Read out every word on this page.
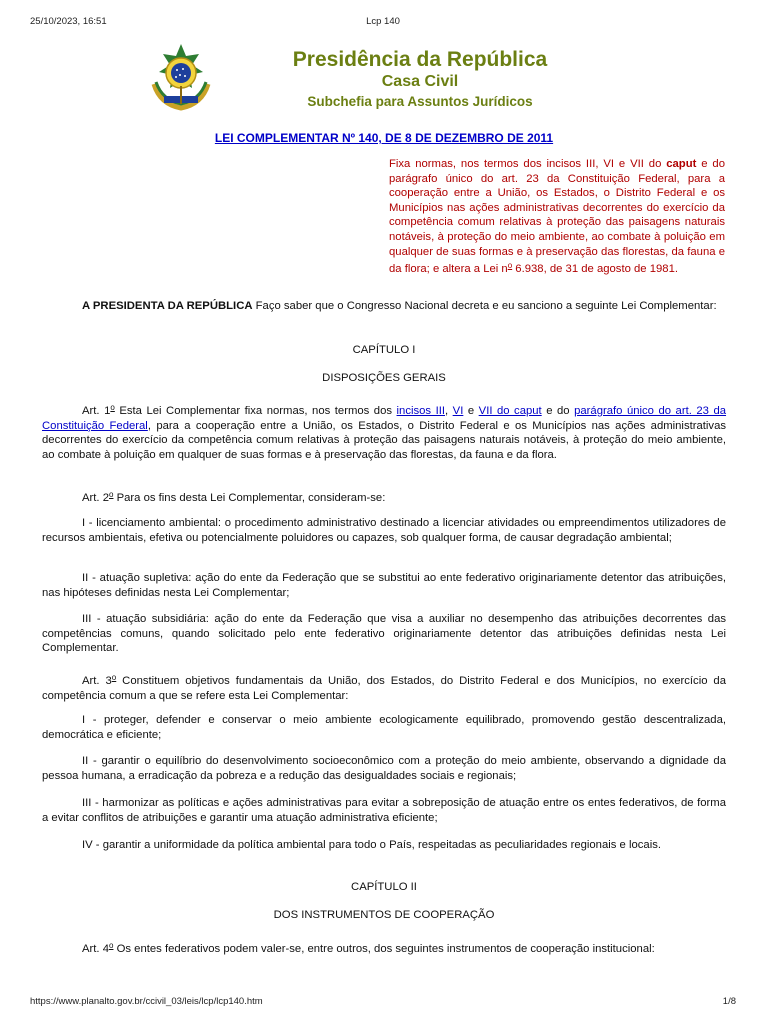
25/10/2023, 16:51	Lcp 140
Presidência da República
Casa Civil
Subchefia para Assuntos Jurídicos
LEI COMPLEMENTAR Nº 140, DE 8 DE DEZEMBRO DE 2011
Fixa normas, nos termos dos incisos III, VI e VII do caput e do parágrafo único do art. 23 da Constituição Federal, para a cooperação entre a União, os Estados, o Distrito Federal e os Municípios nas ações administrativas decorrentes do exercício da competência comum relativas à proteção das paisagens naturais notáveis, à proteção do meio ambiente, ao combate à poluição em qualquer de suas formas e à preservação das florestas, da fauna e da flora; e altera a Lei $n^o$ 6.938, de 31 de agosto de 1981.

A PRESIDENTA DA REPÚBLICA Faço saber que o Congresso Nacional decreta e eu sanciono a seguinte Lei Complementar:

CAPÍTULO I
DISPOSIÇÕES GERAIS

Art. 1$^o$ Esta Lei Complementar fixa normas, nos termos dos incisos III, VI e VII do caput e do parágrafo único do art. 23 da Constituição Federal, para a cooperação entre a União, os Estados, o Distrito Federal e os Municípios nas ações administrativas decorrentes do exercício da competência comum relativas à proteção das paisagens naturais notáveis, à proteção do meio ambiente, ao combate à poluição em qualquer de suas formas e à preservação das florestas, da fauna e da flora.

Art. 2$^o$ Para os fins desta Lei Complementar, consideram-se:

I - licenciamento ambiental: o procedimento administrativo destinado a licenciar atividades ou empreendimentos utilizadores de recursos ambientais, efetiva ou potencialmente poluidores ou capazes, sob qualquer forma, de causar degradação ambiental;

II - atuação supletiva: ação do ente da Federação que se substitui ao ente federativo originariamente detentor das atribuições, nas hipóteses definidas nesta Lei Complementar;

III - atuação subsidiária: ação do ente da Federação que visa a auxiliar no desempenho das atribuições decorrentes das competências comuns, quando solicitado pelo ente federativo originariamente detentor das atribuições definidas nesta Lei Complementar.

Art. 3$^o$ Constituem objetivos fundamentais da União, dos Estados, do Distrito Federal e dos Municípios, no exercício da competência comum a que se refere esta Lei Complementar:

I - proteger, defender e conservar o meio ambiente ecologicamente equilibrado, promovendo gestão descentralizada, democrática e eficiente;

II - garantir o equilíbrio do desenvolvimento socioeconômico com a proteção do meio ambiente, observando a dignidade da pessoa humana, a erradicação da pobreza e a redução das desigualdades sociais e regionais;

III - harmonizar as políticas e ações administrativas para evitar a sobreposição de atuação entre os entes federativos, de forma a evitar conflitos de atribuições e garantir uma atuação administrativa eficiente;

IV - garantir a uniformidade da política ambiental para todo o País, respeitadas as peculiaridades regionais e locais.

CAPÍTULO II
DOS INSTRUMENTOS DE COOPERAÇÃO

Art. 4$^o$ Os entes federativos podem valer-se, entre outros, dos seguintes instrumentos de cooperação institucional:

https://www.planalto.gov.br/ccivil_03/leis/lcp/lcp140.htm	1/8
